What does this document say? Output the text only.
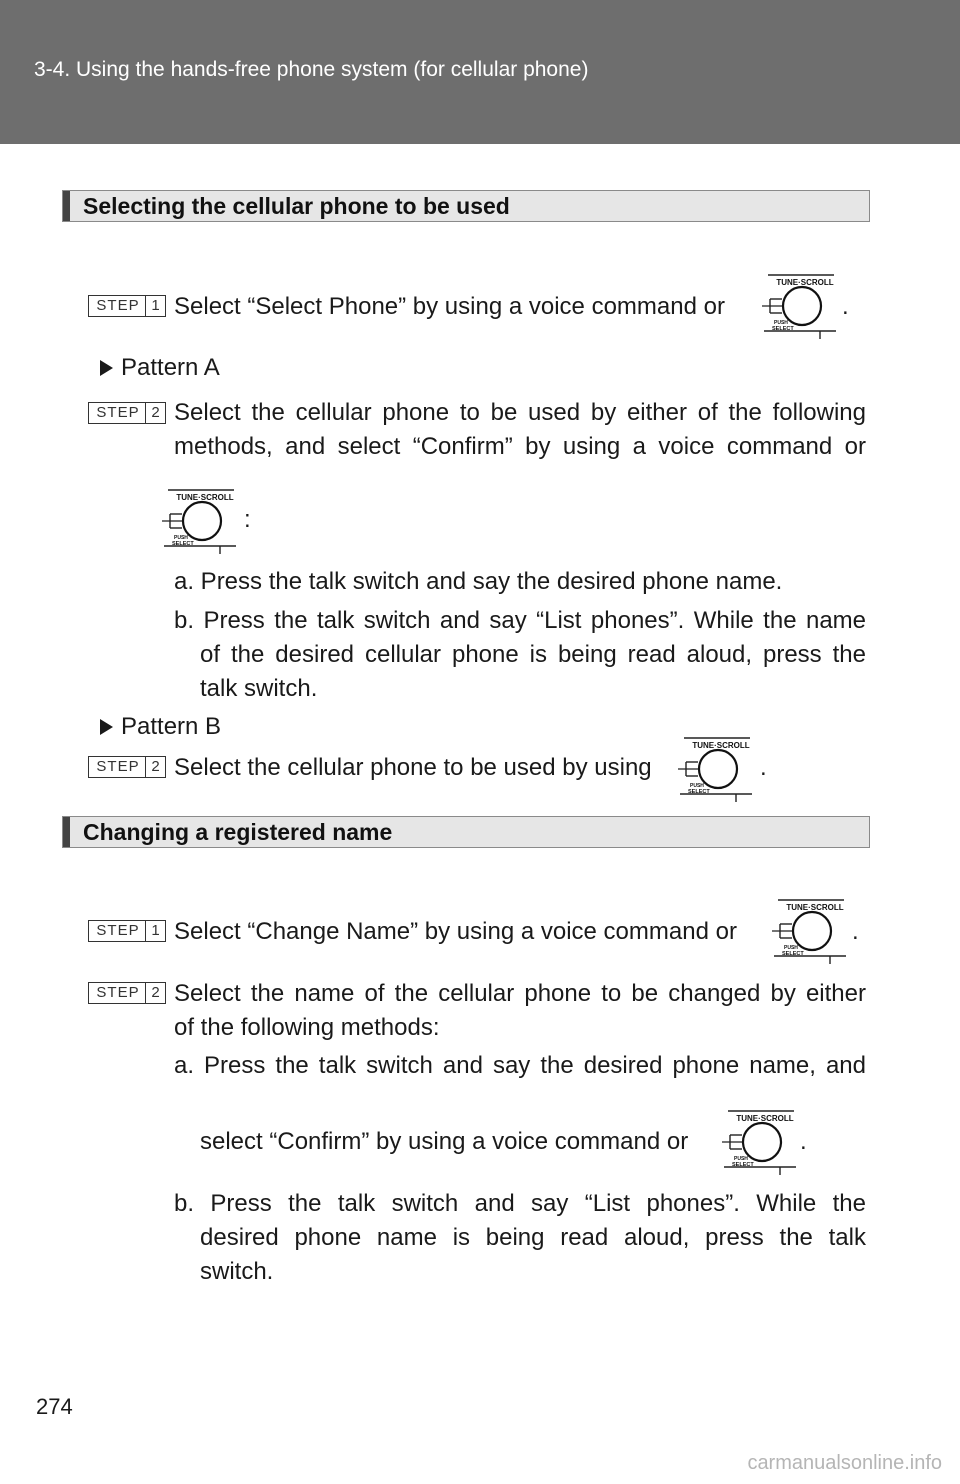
3-4. Using the hands-free phone system (for cellular phone)
Selecting the cellular phone to be used
STEP 1 Select “Select Phone” by using a voice command or	.
Pattern A
STEP 2 Select the cellular phone to be used by either of the following
methods, and select “Confirm” by using a voice command or
:
a. Press the talk switch and say the desired phone name.
b. Press the talk switch and say “List phones”. While the name
of the desired cellular phone is being read aloud, press the
talk switch.
Pattern B
STEP 2 Select the cellular phone to be used by using	.
Changing a registered name
STEP 1 Select “Change Name” by using a voice command or	.
STEP 2 Select the name of the cellular phone to be changed by either
of the following methods:
a. Press the talk switch and say the desired phone name, and
select “Confirm” by using a voice command or	.
b. Press the talk switch and say “List phones”. While the
desired phone name is being read aloud, press the talk
switch.
274
carmanualsonline.info
